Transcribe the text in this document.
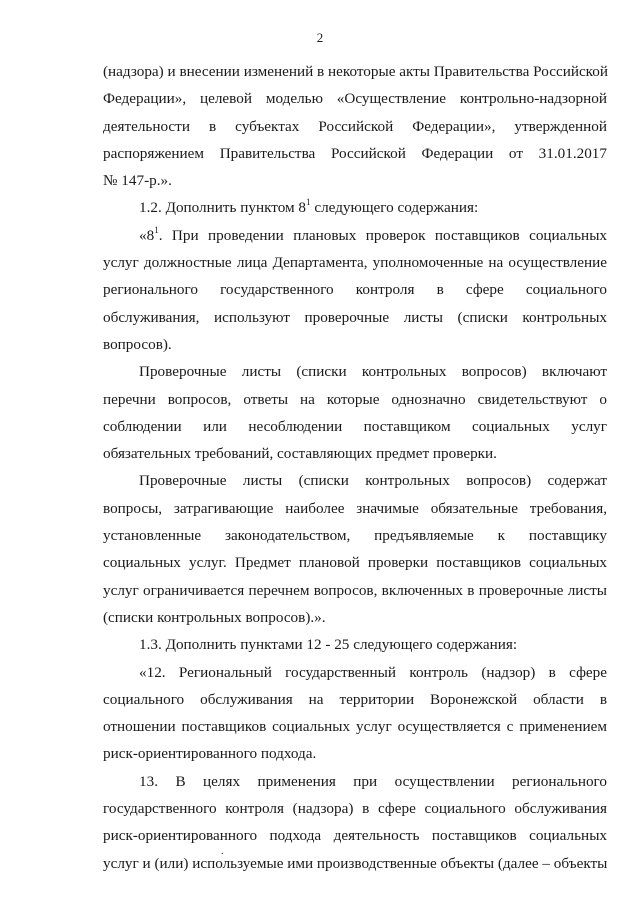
2
(надзора) и внесении изменений в некоторые акты Правительства Российской
Федерации», целевой моделью «Осуществление контрольно-надзорной
деятельности в субъектах Российской Федерации», утвержденной
распоряжением Правительства Российской Федерации от 31.01.2017
№ 147-р.».
1.2. Дополнить пунктом $8^1$ следующего содержания:
«$8^1$. При проведении плановых проверок поставщиков социальных
услуг должностные лица Департамента, уполномоченные на осуществление
регионального государственного контроля в сфере социального
обслуживания, используют проверочные листы (списки контрольных
вопросов).
Проверочные листы (списки контрольных вопросов) включают
перечни вопросов, ответы на которые однозначно свидетельствуют о
соблюдении или несоблюдении поставщиком социальных услуг
обязательных требований, составляющих предмет проверки.
Проверочные листы (списки контрольных вопросов) содержат
вопросы, затрагивающие наиболее значимые обязательные требования,
установленные законодательством, предъявляемые к поставщику
социальных услуг. Предмет плановой проверки поставщиков социальных
услуг ограничивается перечнем вопросов, включенных в проверочные листы
(списки контрольных вопросов).».
1.3. Дополнить пунктами 12 - 25 следующего содержания:
«12. Региональный государственный контроль (надзор) в сфере
социального обслуживания на территории Воронежской области в
отношении поставщиков социальных услуг осуществляется с применением
риск-ориентированного подхода.
13. В целях применения при осуществлении регионального
государственного контроля (надзора) в сфере социального обслуживания
риск-ориентированного подхода деятельность поставщиков социальных
услуг и (или) используемые ими производственные объекты (далее – объекты
.
